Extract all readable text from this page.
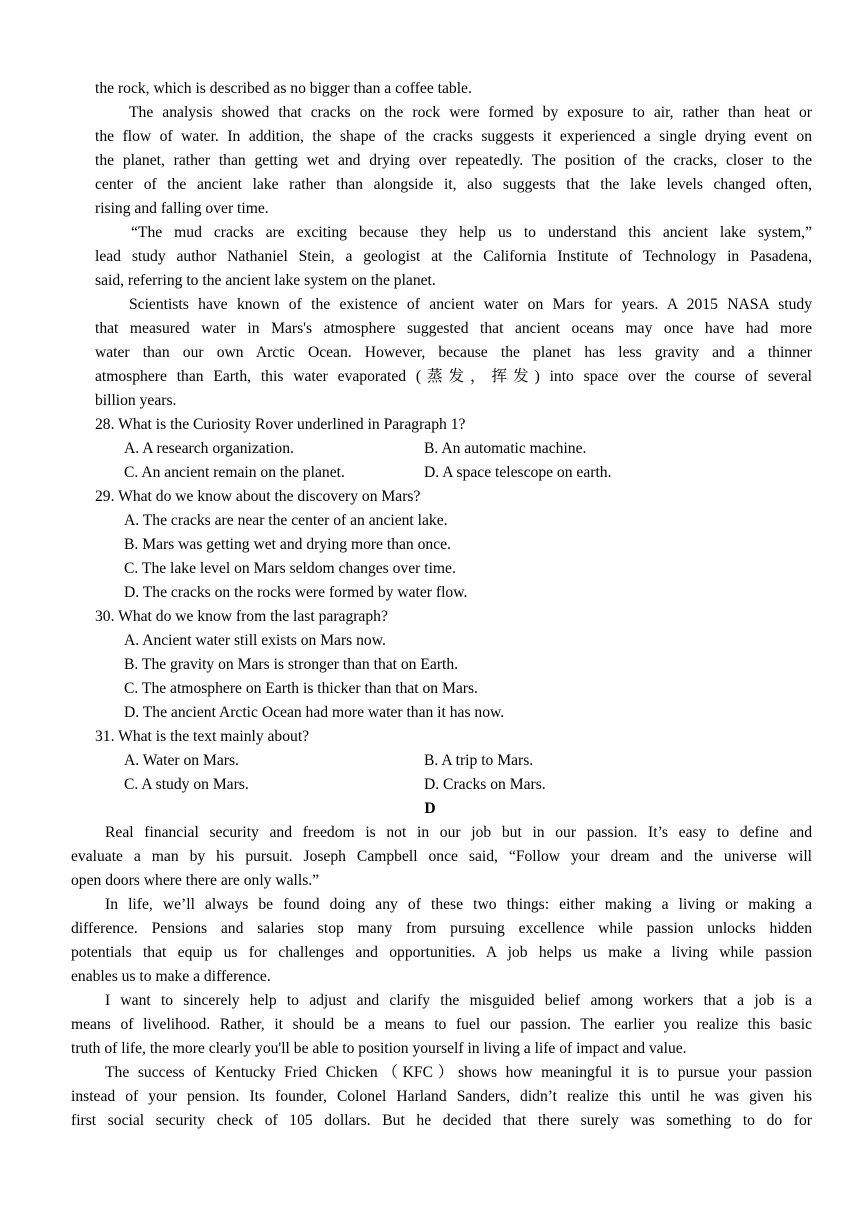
the rock, which is described as no bigger than a coffee table.
The analysis showed that cracks on the rock were formed by exposure to air, rather than heat or
the flow of water. In addition, the shape of the cracks suggests it experienced a single drying event on
the planet, rather than getting wet and drying over repeatedly. The position of the cracks, closer to the
center of the ancient lake rather than alongside it, also suggests that the lake levels changed often,
rising and falling over time.
“The mud cracks are exciting because they help us to understand this ancient lake system,”
lead study author Nathaniel Stein, a geologist at the California Institute of Technology in Pasadena,
said, referring to the ancient lake system on the planet.
Scientists have known of the existence of ancient water on Mars for years. A 2015 NASA study
that measured water in Mars's atmosphere suggested that ancient oceans may once have had more
water than our own Arctic Ocean. However, because the planet has less gravity and a thinner
atmosphere than Earth, this water evaporated (蒸发，挥发) into space over the course of several
billion years.
28. What is the Curiosity Rover underlined in Paragraph 1?
A. A research organization.	B. An automatic machine.
C. An ancient remain on the planet.	D. A space telescope on earth.
29. What do we know about the discovery on Mars?
A. The cracks are near the center of an ancient lake.
B. Mars was getting wet and drying more than once.
C. The lake level on Mars seldom changes over time.
D. The cracks on the rocks were formed by water flow.
30. What do we know from the last paragraph?
A. Ancient water still exists on Mars now.
B. The gravity on Mars is stronger than that on Earth.
C. The atmosphere on Earth is thicker than that on Mars.
D. The ancient Arctic Ocean had more water than it has now.
31. What is the text mainly about?
A. Water on Mars.	B. A trip to Mars.
C. A study on Mars.	D. Cracks on Mars.
D
Real financial security and freedom is not in our job but in our passion. It’s easy to define and
evaluate a man by his pursuit. Joseph Campbell once said, “Follow your dream and the universe will
open doors where there are only walls.”
In life, we’ll always be found doing any of these two things: either making a living or making a
difference. Pensions and salaries stop many from pursuing excellence while passion unlocks hidden
potentials that equip us for challenges and opportunities. A job helps us make a living while passion
enables us to make a difference.
I want to sincerely help to adjust and clarify the misguided belief among workers that a job is a
means of livelihood. Rather, it should be a means to fuel our passion. The earlier you realize this basic
truth of life, the more clearly you'll be able to position yourself in living a life of impact and value.
The success of Kentucky Fried Chicken（KFC）shows how meaningful it is to pursue your passion
instead of your pension. Its founder, Colonel Harland Sanders, didn’t realize this until he was given his
first social security check of 105 dollars. But he decided that there surely was something to do for
